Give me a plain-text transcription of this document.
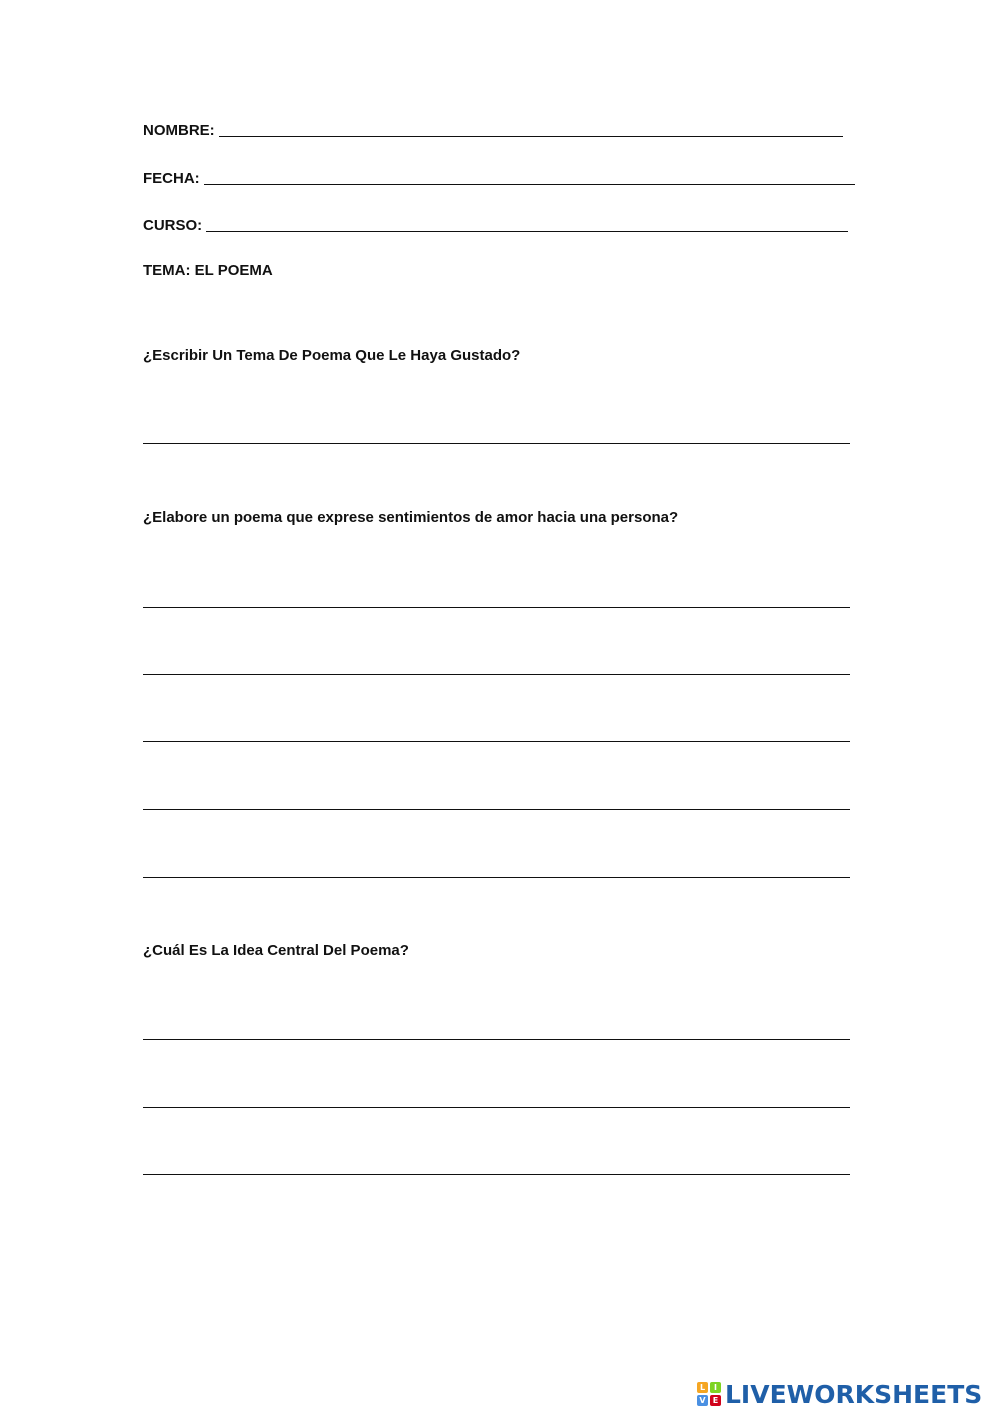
NOMBRE:
FECHA:
CURSO:
TEMA: EL POEMA
¿Escribir Un Tema De Poema Que Le Haya Gustado?
¿Elabore un poema que exprese sentimientos de amor hacia una persona?
¿Cuál Es La Idea Central Del Poema?
L	I
V E LIVEWORKSHEETS
